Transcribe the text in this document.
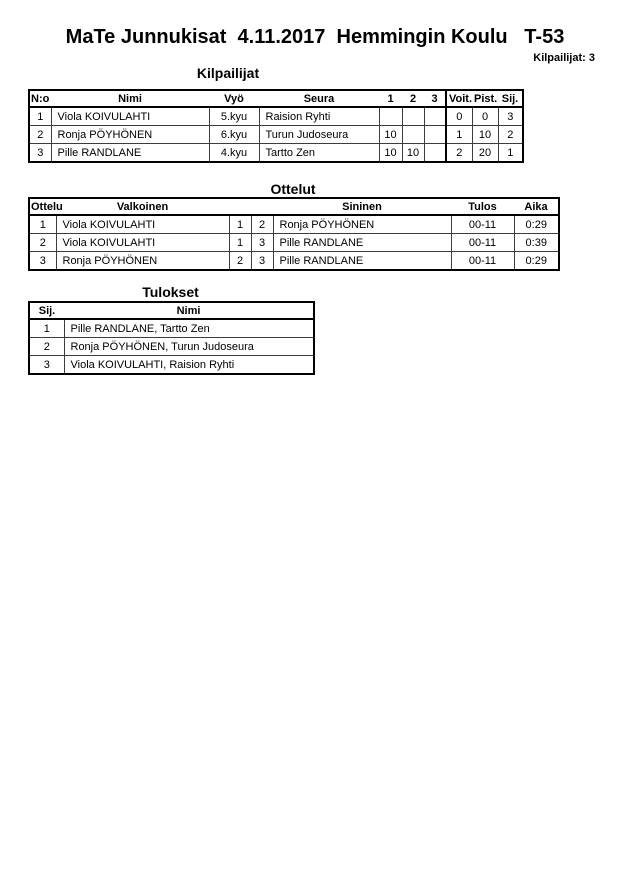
MaTe Junnukisat  4.11.2017  Hemmingin Koulu   T-53
Kilpailijat: 3
Kilpailijat
N:o	Nimi	Vyö	Seura	1	2	3	Voit.	Pist.	Sij.
1	Viola KOIVULAHTI	5.kyu	Raision Ryhti				0	0	3
2	Ronja PÖYHÖNEN	6.kyu	Turun Judoseura	10			1	10	2
3	Pille RANDLANE	4.kyu	Tartto Zen	10	10		2	20	1
Ottelut
Ottelu	Valkoinen			Sininen	Tulos	Aika
1	Viola KOIVULAHTI	1	2	Ronja PÖYHÖNEN	00-11	0:29
2	Viola KOIVULAHTI	1	3	Pille RANDLANE	00-11	0:39
3	Ronja PÖYHÖNEN	2	3	Pille RANDLANE	00-11	0:29
Tulokset
Sij.	Nimi
1	Pille RANDLANE, Tartto Zen
2	Ronja PÖYHÖNEN, Turun Judoseura
3	Viola KOIVULAHTI, Raision Ryhti
